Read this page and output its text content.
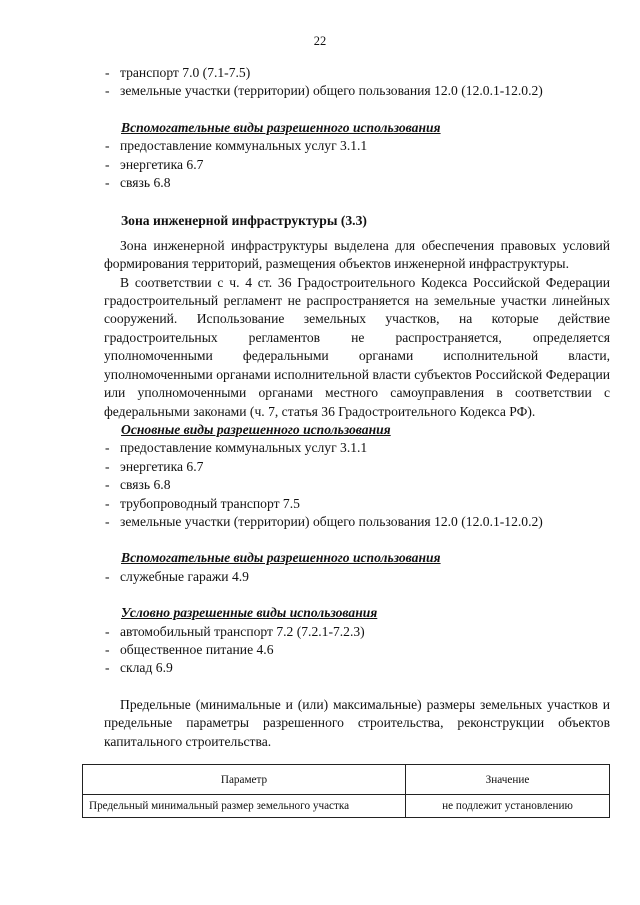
22
- транспорт 7.0 (7.1-7.5)
- земельные участки (территории) общего пользования 12.0 (12.0.1-12.0.2)
Вспомогательные виды разрешенного использования
- предоставление коммунальных услуг 3.1.1
- энергетика 6.7
- связь 6.8
Зона инженерной инфраструктуры (3.3)

Зона инженерной инфраструктуры выделена для обеспечения правовых условий формирования территорий, размещения объектов инженерной инфраструктуры.

В соответствии с ч. 4 ст. 36 Градостроительного Кодекса Российской Федерации градостроительный регламент не распространяется на земельные участки линейных сооружений. Использование земельных участков, на которые действие градостроительных регламентов не распространяется, определяется уполномоченными федеральными органами исполнительной власти, уполномоченными органами исполнительной власти субъектов Российской Федерации или уполномоченными органами местного самоуправления в соответствии с федеральными законами (ч. 7, статья 36 Градостроительного Кодекса РФ).

Основные виды разрешенного использования
- предоставление коммунальных услуг 3.1.1
- энергетика 6.7
- связь 6.8
- трубопроводный транспорт 7.5
- земельные участки (территории) общего пользования 12.0 (12.0.1-12.0.2)
Вспомогательные виды разрешенного использования
- служебные гаражи 4.9
Условно разрешенные виды использования
- автомобильный транспорт 7.2 (7.2.1-7.2.3)
- общественное питание 4.6
- склад 6.9

Предельные (минимальные и (или) максимальные) размеры земельных участков и предельные параметры разрешенного строительства, реконструкции объектов капитального строительства.

Параметр	Значение
Предельный минимальный размер земельного участка	не подлежит установлению
